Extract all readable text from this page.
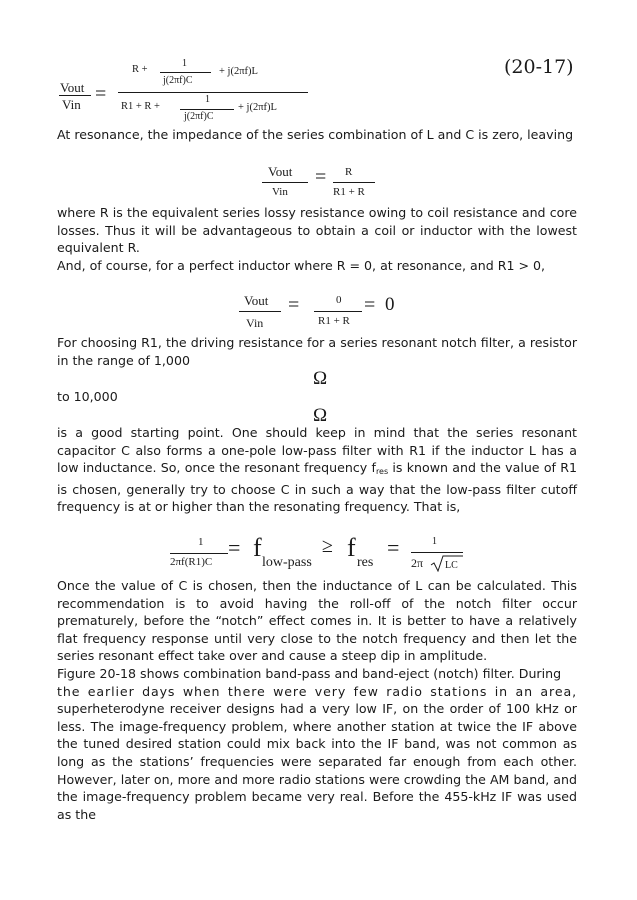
(20-17)
Vout
Vin =
R +
1
j(2πf)C
+ j(2πf)L
R1 + R +
1
j(2πf)C
+ j(2πf)L

At resonance, the impedance of the series combination of L and C is zero, leaving

Vout
Vin
= R
R1 + R

where R is the equivalent series lossy resistance owing to coil resistance and core losses. Thus it will be advantageous to obtain a coil or inductor with the lowest equivalent R.

And, of course, for a perfect inductor where R = 0, at resonance, and R1 > 0,

Vout
Vin
=	0
R1 + R
= 0

For choosing R1, the driving resistance for a series resonant notch filter, a resistor in the range of 1,000

Ω
to 10,000
Ω

is a good starting point. One should keep in mind that the series resonant capacitor C also forms a one-pole low-pass filter with R1 if the inductor L has a low inductance. So, once the resonant frequency $f_{res}$ is known and the value of R1 is chosen, generally try to choose C in such a way that the low-pass filter cutoff frequency is at or higher than the resonating frequency. That is,

1
2πf(R1)C
= f
low-pass
≥ f
res
=	1
2π LC

Once the value of C is chosen, then the inductance of L can be calculated. This recommendation is to avoid having the roll-off of the notch filter occur prematurely, before the “notch” effect comes in. It is better to have a relatively flat frequency response until very close to the notch frequency and then let the series resonant effect take over and cause a steep dip in amplitude.

Figure 20-18 shows combination band-pass and band-eject (notch) filter. During
the earlier days when there were very few radio stations in an area, superheterodyne receiver designs had a very low IF, on the order of 100 kHz or less. The image-frequency problem, where another station at twice the IF above the tuned desired station could mix back into the IF band, was not common as long as the stations’ frequencies were separated far enough from each other. However, later on, more and more radio stations were crowding the AM band, and the image-frequency problem became very real. Before the 455-kHz IF was used as the
